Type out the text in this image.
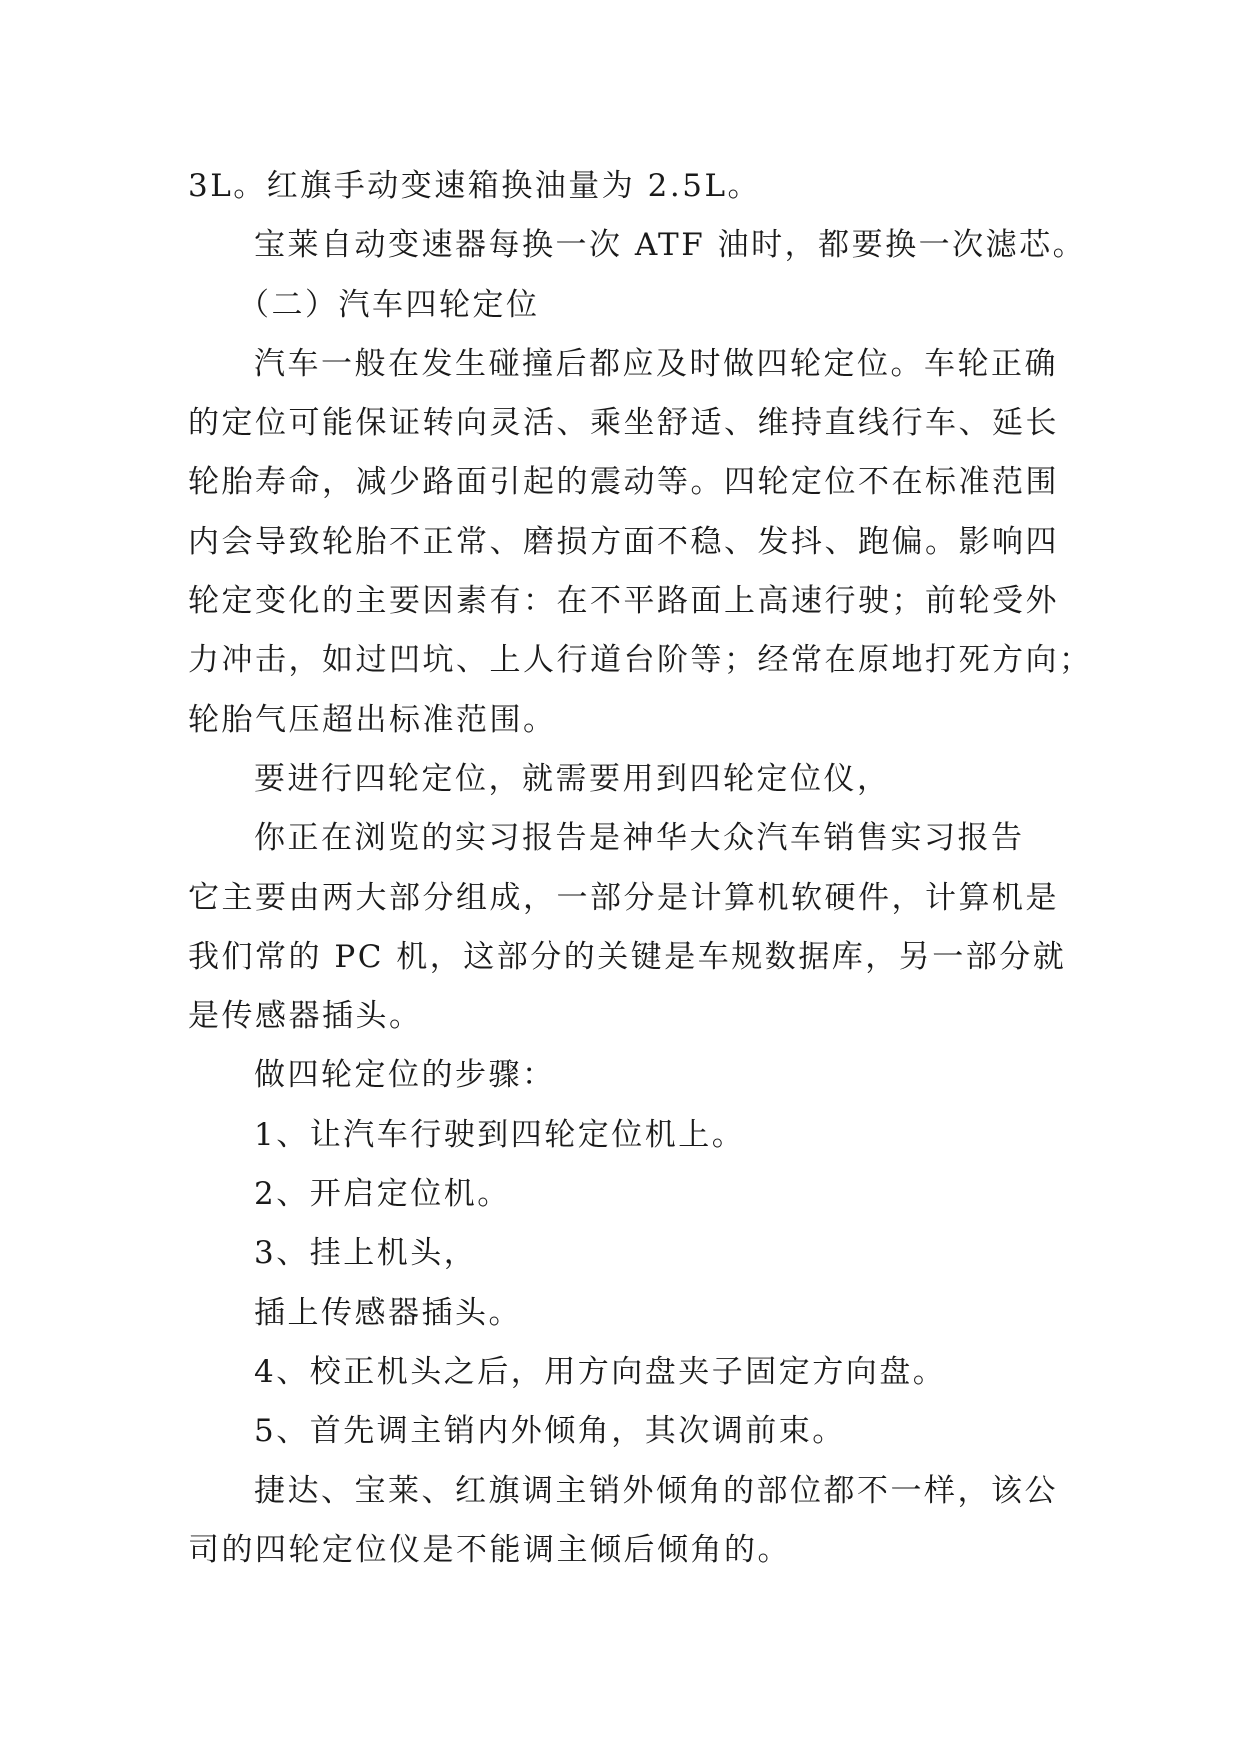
3L。红旗手动变速箱换油量为 2.5L。
宝莱自动变速器每换一次 ATF 油时，都要换一次滤芯。
（二）汽车四轮定位
汽车一般在发生碰撞后都应及时做四轮定位。车轮正确
的定位可能保证转向灵活、乘坐舒适、维持直线行车、延长
轮胎寿命，减少路面引起的震动等。四轮定位不在标准范围
内会导致轮胎不正常、磨损方面不稳、发抖、跑偏。影响四
轮定变化的主要因素有：在不平路面上高速行驶；前轮受外
力冲击，如过凹坑、上人行道台阶等；经常在原地打死方向；
轮胎气压超出标准范围。
要进行四轮定位，就需要用到四轮定位仪，
你正在浏览的实习报告是神华大众汽车销售实习报告
它主要由两大部分组成，一部分是计算机软硬件，计算机是
我们常的 PC 机，这部分的关键是车规数据库，另一部分就
是传感器插头。
做四轮定位的步骤：
1、让汽车行驶到四轮定位机上。
2、开启定位机。
3、挂上机头，
插上传感器插头。
4、校正机头之后，用方向盘夹子固定方向盘。
5、首先调主销内外倾角，其次调前束。
捷达、宝莱、红旗调主销外倾角的部位都不一样，该公
司的四轮定位仪是不能调主倾后倾角的。
